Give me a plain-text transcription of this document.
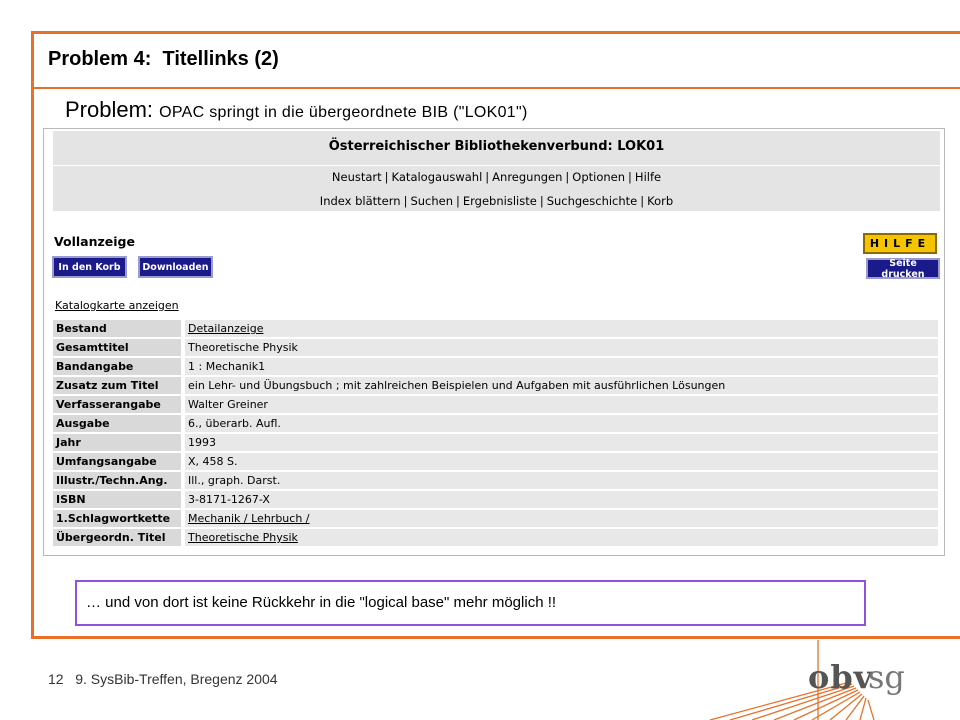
Problem 4:  Titellinks (2)
Problem: OPAC springt in die übergeordnete BIB ("LOK01")
Österreichischer Bibliothekenverbund: LOK01
Neustart | Katalogauswahl | Anregungen | Optionen | Hilfe
Index blättern | Suchen | Ergebnisliste | Suchgeschichte | Korb
Vollanzeige
In den Korb	Downloaden
HILFE
Seite drucken
Katalogkarte anzeigen
Bestand		Detailanzeige
Gesamttitel		Theoretische Physik
Bandangabe		1 : Mechanik1
Zusatz zum Titel		ein Lehr- und Übungsbuch ; mit zahlreichen Beispielen und Aufgaben mit ausführlichen Lösungen
Verfasserangabe		Walter Greiner
Ausgabe		6., überarb. Aufl.
Jahr		1993
Umfangsangabe		X, 458 S.
Illustr./Techn.Ang.		Ill., graph. Darst.
ISBN		3-8171-1267-X
1.Schlagwortkette		Mechanik / Lehrbuch /
Übergeordn. Titel		Theoretische Physik
… und von dort ist keine Rückkehr in die "logical base" mehr möglich !!
12   9. SysBib-Treffen, Bregenz 2004	obv
sg
